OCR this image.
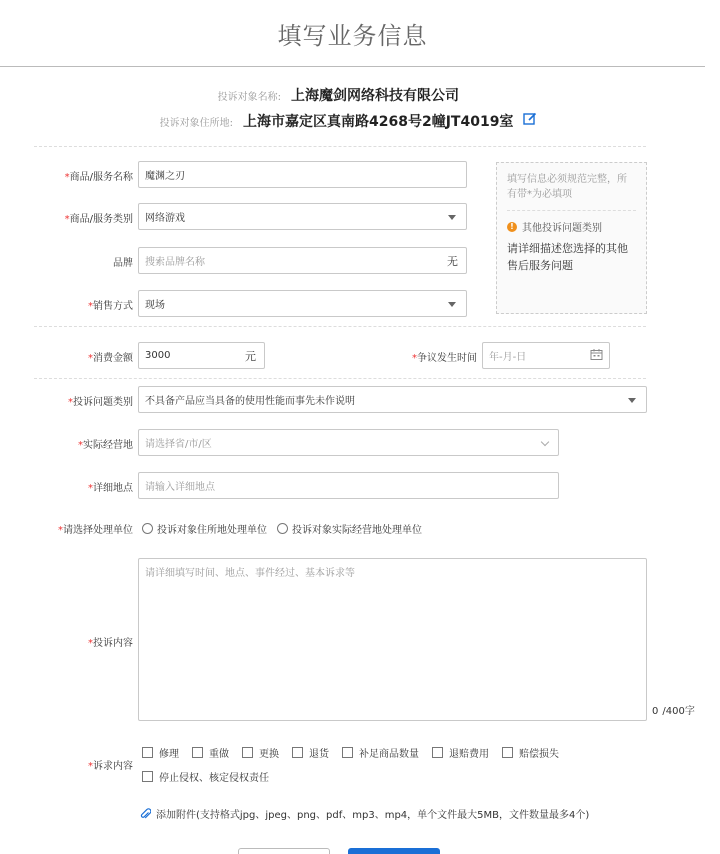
填写业务信息
投诉对象名称: 上海魔剑网络科技有限公司
投诉对象住所地: 上海市嘉定区真南路4268号2幢JT4019室
*商品/服务名称 魔渊之刃
*商品/服务类别 网络游戏
品牌 搜索品牌名称	无
*销售方式 现场
填写信息必须规范完整，所有带*为必填项
! 其他投诉问题类别
请详细描述您选择的其他售后服务问题
*消费金额 3000	元	*争议发生时间 年-月-日
*投诉问题类别 不具备产品应当具备的使用性能而事先未作说明
*实际经营地 请选择省/市/区
*详细地点 请输入详细地点
*请选择处理单位 投诉对象住所地处理单位	投诉对象实际经营地处理单位
*投诉内容
请详细填写时间、地点、事件经过、基本诉求等
0 /400字
*诉求内容
修理	重做	更换	退货	补足商品数量	退赔费用	赔偿损失
停止侵权、核定侵权责任
添加附件(支持格式jpg、jpeg、png、pdf、mp3、mp4，单个文件最大5MB，文件数量最多4个)
